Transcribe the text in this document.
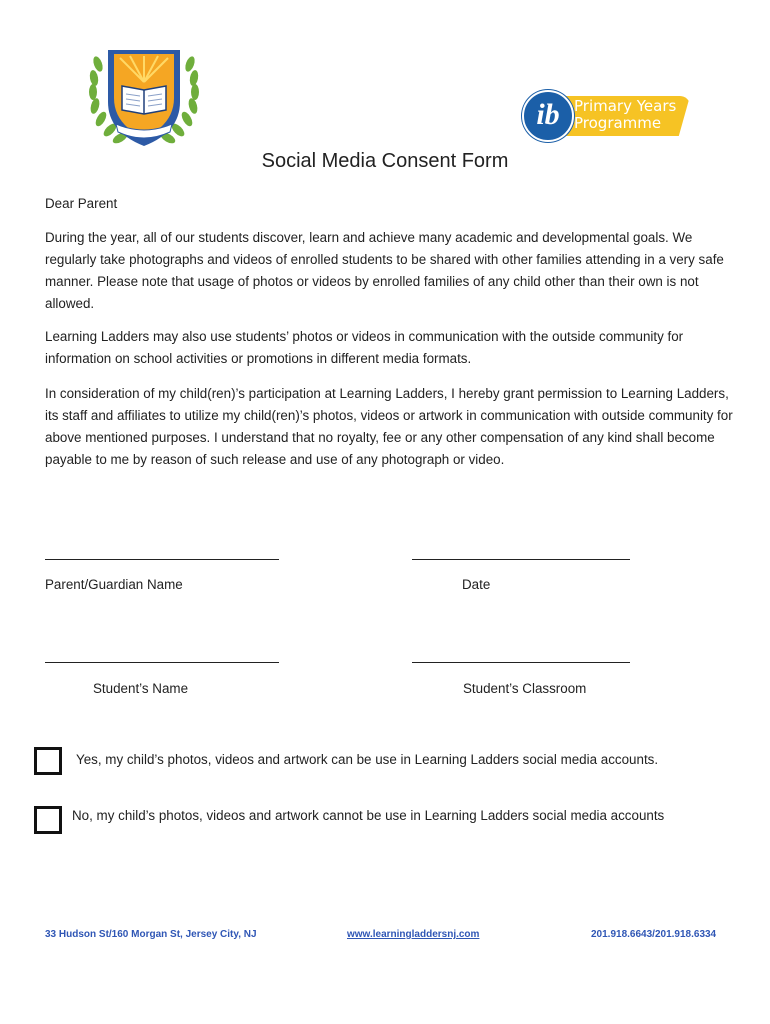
ib Primary Years
Programme
Social Media Consent Form
Dear Parent
During the year, all of our students discover, learn and achieve many academic and developmental goals. We regularly take photographs and videos of enrolled students to be shared with other families attending in a very safe manner. Please note that usage of photos or videos by enrolled families of any child other than their own is not allowed.
Learning Ladders may also use students’ photos or videos in communication with the outside community for information on school activities or promotions in different media formats.
In consideration of my child(ren)’s participation at Learning Ladders, I hereby grant permission to Learning Ladders, its staff and affiliates to utilize my child(ren)’s photos, videos or artwork in communication with outside community for above mentioned purposes. I understand that no royalty, fee or any other compensation of any kind shall become payable to me by reason of such release and use of any photograph or video.
Parent/Guardian Name	Date
Student’s Name	Student’s Classroom
Yes, my child’s photos, videos and artwork can be use in Learning Ladders social media accounts.
No, my child’s photos, videos and artwork cannot be use in Learning Ladders social media accounts
33 Hudson St/160 Morgan St, Jersey City, NJ	www.learningladdersnj.com	201.918.6643/201.918.6334
